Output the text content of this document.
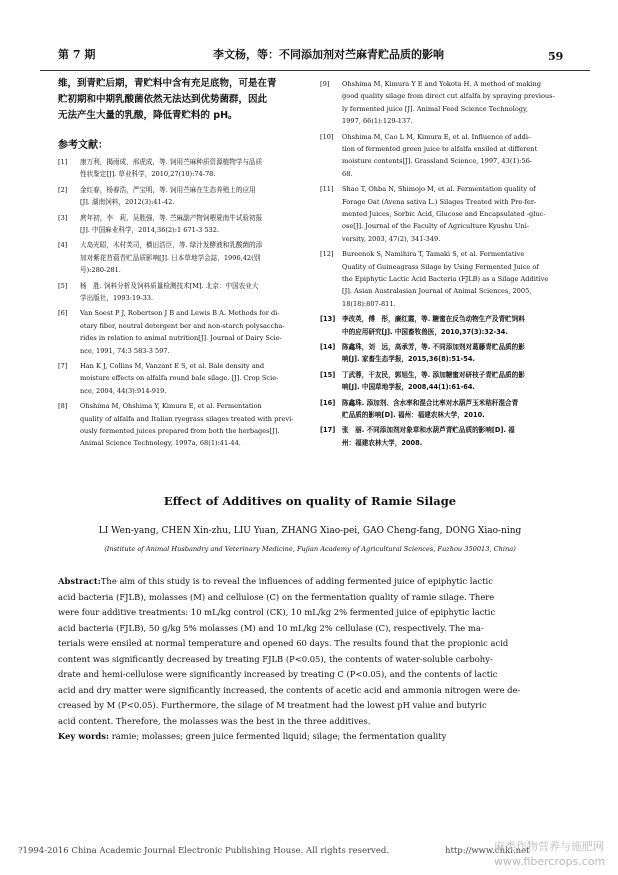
第 7 期	李文杨，等：不同添加剂对苎麻青贮品质的影响	59
维，到青贮后期，青贮料中含有充足底物，可是在青
贮初期和中期乳酸菌依然无法达到优势菌群，因此
无法产生大量的乳酸，降低青贮料的 pH。
参考文献：
[1] 康万利，揭雨成，邢虎成，等. 饲用苎麻种质资源植物学与品质
性状鉴定[J]. 草业科学，2010,27(10):74-78.
[2] 金红春，杨春浩，严宝明，等. 饲用苎麻在生态养殖上的应用
[J]. 湖南饲料，2012(3):41-42.
[3] 庹年初，李　莉，吴胜强，等. 苎麻副产物饲喂夏南牛试验初报
[J]. 中国麻业科学，2014,36(2):1 671-3 532.
[4] 大岛光昭，木村芙司，横田浩臣，等. 绿汁发酵液和乳酸菌的添
加对紫花苜蓿青贮品质影响[J]. 日本草地学会誌，1996,42(别
号):280-281.
[5] 杨　胜. 饲料分析及饲料质量检测技术[M]. 北京：中国农业大
学出版社，1993:19-33.
[6] Van Soest P J, Robertson J B and Lewis B A. Methods for di-
etary fiber, neutral detergent ber and non-starch polysaccha-
rides in relation to animal nutrition[J]. Journal of Dairy Scie-
nce, 1991, 74:3 583-3 597.
[7] Han K J, Collins M, Vanzant E S, et al. Bale density and
moisture effects on alfalfa round bale silage. [J]. Crop Scie-
nce, 2004, 44(3):914-919.
[8] Ohshima M, Ohshima Y, Kimura E, et al. Fermentation
quality of alfalfa and Italian ryegrass silages treated with previ-
ously fermented juices prepared from both the herbages[J].
Animal Science Technology, 1997a, 68(1):41-44.
[9] Ohshima M, Kimura Y E and Yokota H. A method of making
good quality silage from direct cut alfalfa by spraying previous-
ly fermented juice [J]. Animal Feed Science Technology,
1997, 66(1):129-137.
[10] Ohshima M, Cao L M, Kimura E, et al. Influence of addi-
tion of fermented green juice to alfalfa ensiled at different
moisture contents[J]. Grassland Science, 1997, 43(1):56-
68.
[11] Shao T, Ohba N, Shimojo M, et al. Fermentation quality of
Forage Oat (Avena sativa L.) Silages Treated with Pre-fer-
mented Juices, Sorbic Acid, Glucose and Encapsulated -gluc-
ose[J]. Journal of the Faculty of Agriculture Kyushu Uni-
versity, 2003, 47(2), 341-349.
[12] Bureenok S, Namihira T, Tamaki S, et al. Fermentative
Quality of Guineagrass Silage by Using Fermented Juice of
the Epiphytic Lactic Acid Bacteria (FJLB) as a Silage Additive
[J]. Asian Australasian Journal of Animal Sciences, 2005,
18(18):807-811.
[13] 李改英，傅　彤，廉红霞，等. 糖蜜在反刍动物生产及青贮饲料
中的应用研究[J]. 中国畜牧兽医，2010,37(3):32-34.
[14] 陈鑫珠，刘　远，高承芳，等. 不同添加剂对葛藤青贮品质的影
响[J]. 家畜生态学报，2015,36(8):51-54.
[15] 丁武蓉，干友民，郭旭生，等. 添加糖蜜对研枝子青贮品质的影
响[J]. 中国草地学报，2008,44(1):61-64.
[16] 陈鑫珠. 添加剂、含水率和混合比率对水葫芦玉米秸秆混合青
贮品质的影响[D]. 福州：福建农林大学，2010.
[17] 张　丽. 不同添加剂对象草和水葫芦青贮品质的影响[D]. 福
州：福建农林大学，2008.
Effect of Additives on quality of Ramie Silage
LI Wen-yang, CHEN Xin-zhu, LIU Yuan, ZHANG Xiao-pei, GAO Cheng-fang, DONG Xiao-ning
(Institute of Animal Husbandry and Veterinary Medicine, Fujian Academy of Agricultural Sciences, Fuzhou 350013, China)
Abstract:The aim of this study is to reveal the influences of adding fermented juice of epiphytic lactic
acid bacteria (FJLB), molasses (M) and cellulose (C) on the fermentation quality of ramie silage. There
were four additive treatments: 10 mL/kg control (CK), 10 mL/kg 2% fermented juice of epiphytic lactic
acid bacteria (FJLB), 50 g/kg 5% molasses (M) and 10 mL/kg 2% cellulase (C), respectively. The ma-
terials were ensiled at normal temperature and opened 60 days. The results found that the propionic acid
content was significantly decreased by treating FJLB (P<0.05), the contents of water-soluble carbohy-
drate and hemi-cellulose were significantly increased by treating C (P<0.05), and the contents of lactic
acid and dry matter were significantly increased, the contents of acetic acid and ammonia nitrogen were de-
creased by M (P<0.05). Furthermore, the silage of M treatment had the lowest pH value and butyric
acid content. Therefore, the molasses was the best in the three additives.
Key words: ramie; molasses; green juice fermented liquid; silage; the fermentation quality
?1994-2016 China Academic Journal Electronic Publishing House. All rights reserved.	http://www.cnki.net
麻类作物营养与施肥网
www.fibercrops.com
